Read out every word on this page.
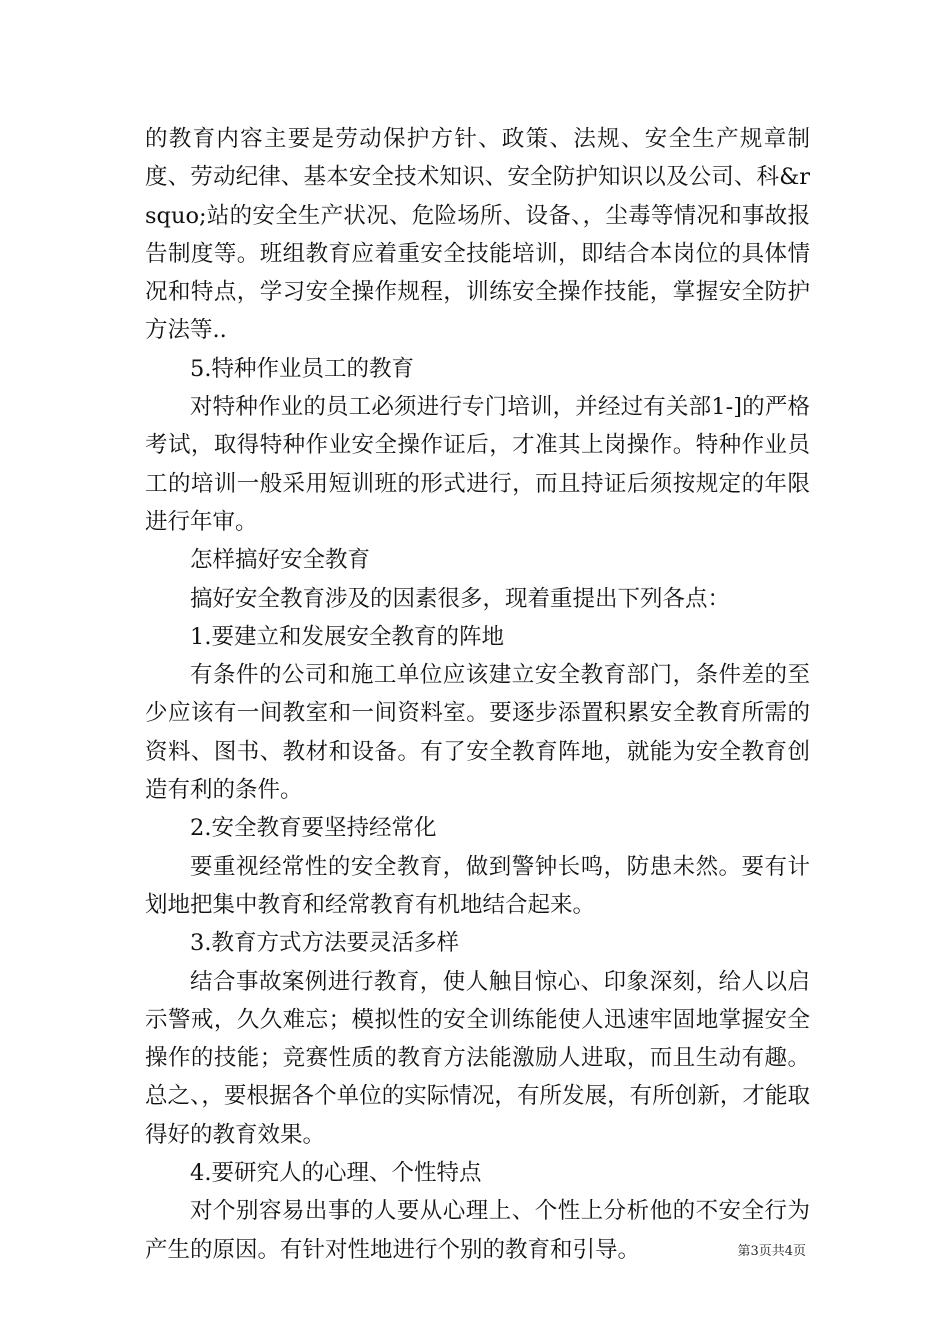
的教育内容主要是劳动保护方针、政策、法规、安全生产规章制度、劳动纪律、基本安全技术知识、安全防护知识以及公司、科&rsquo;站的安全生产状况、危险场所、设备、，尘毒等情况和事故报告制度等。班组教育应着重安全技能培训，即结合本岗位的具体情况和特点，学习安全操作规程，训练安全操作技能，掌握安全防护方法等..

5.特种作业员工的教育

对特种作业的员工必须进行专门培训，并经过有关部1-]的严格考试，取得特种作业安全操作证后，才准其上岗操作。特种作业员工的培训一般采用短训班的形式进行，而且持证后须按规定的年限进行年审。

怎样搞好安全教育

搞好安全教育涉及的因素很多，现着重提出下列各点：

1.要建立和发展安全教育的阵地

有条件的公司和施工单位应该建立安全教育部门，条件差的至少应该有一间教室和一间资料室。要逐步添置积累安全教育所需的资料、图书、教材和设备。有了安全教育阵地，就能为安全教育创造有利的条件。

2.安全教育要坚持经常化

要重视经常性的安全教育，做到警钟长鸣，防患未然。要有计划地把集中教育和经常教育有机地结合起来。

3.教育方式方法要灵活多样

结合事故案例进行教育，使人触目惊心、印象深刻，给人以启示警戒，久久难忘；模拟性的安全训练能使人迅速牢固地掌握安全操作的技能；竞赛性质的教育方法能激励人进取，而且生动有趣。总之、，要根据各个单位的实际情况，有所发展，有所创新，才能取得好的教育效果。

4.要研究人的心理、个性特点

对个别容易出事的人要从心理上、个性上分析他的不安全行为产生的原因。有针对性地进行个别的教育和引导。	第3页共4页
